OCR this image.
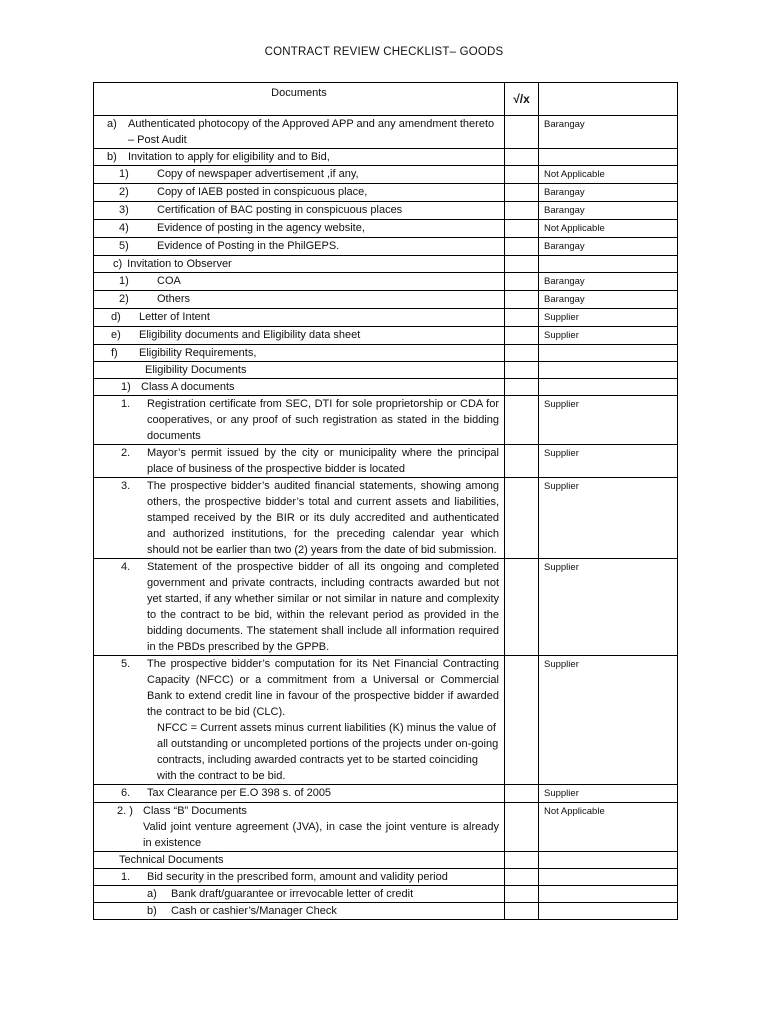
CONTRACT REVIEW CHECKLIST– GOODS
Documents	√/x	

a) Authenticated photocopy of the Approved APP and any amendment thereto – Post Audit		Barangay

b) Invitation to apply for eligibility and to Bid,		

1) Copy of newspaper advertisement ,if any,		Not Applicable

2) Copy of IAEB posted in conspicuous place,		Barangay

3) Certification of BAC posting in conspicuous places		Barangay

4) Evidence of posting in the agency website,		Not Applicable

5) Evidence of Posting in the PhilGEPS.		Barangay

c) Invitation to Observer		

1) COA		Barangay

2) Others		Barangay

d) Letter of Intent		Supplier

e) Eligibility documents and Eligibility data sheet		Supplier

f) Eligibility Requirements,		

Eligibility Documents		

1) Class A documents		

1. Registration certificate from SEC, DTI for sole proprietorship or CDA for cooperatives, or any proof of such registration as stated in the bidding documents		Supplier

2. Mayor’s permit issued by the city or municipality where the principal place of business of the prospective bidder is located		Supplier

3. The prospective bidder’s audited financial statements, showing among others, the prospective bidder’s total and current assets and liabilities, stamped received by the BIR or its duly accredited and authenticated and authorized institutions, for the preceding calendar year which should not be earlier than two (2) years from the date of bid submission.		Supplier

4. Statement of the prospective bidder of all its ongoing and completed government and private contracts, including contracts awarded but not yet started, if any whether similar or not similar in nature and complexity to the contract to be bid, within the relevant period as provided in the bidding documents. The statement shall include all information required in the PBDs prescribed by the GPPB.		Supplier

5. The prospective bidder’s computation for its Net Financial Contracting Capacity (NFCC) or a commitment from a Universal or Commercial Bank to extend credit line in favour of the prospective bidder if awarded the contract to be bid (CLC).
NFCC = Current assets minus current liabilities (K) minus the value of all outstanding or uncompleted portions of the projects under on-going contracts, including awarded contracts yet to be started coinciding with the contract to be bid.		Supplier

6. Tax Clearance per E.O 398 s. of 2005		Supplier

2. ) Class “B” Documents
Valid joint venture agreement (JVA), in case the joint venture is already in existence		Not Applicable

Technical Documents		

1. Bid security in the prescribed form, amount and validity period		

a) Bank draft/guarantee or irrevocable letter of credit		

b) Cash or cashier’s/Manager Check		
